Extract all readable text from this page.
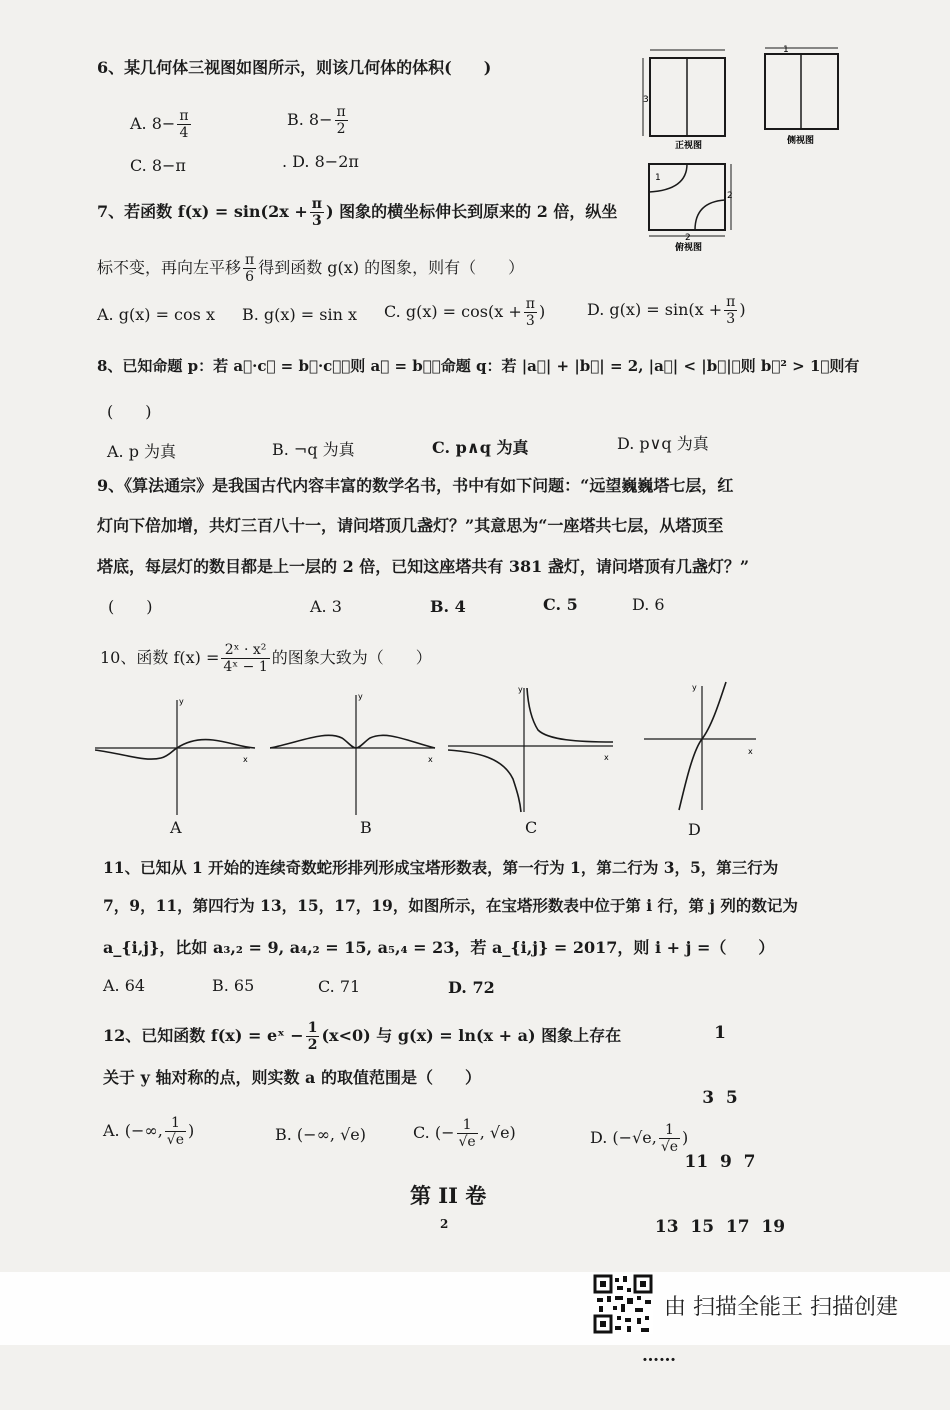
6、某几何体三视图如图所示，则该几何体的体积(　　)
A. $8- \frac{\pi}{4}$	B. $8- \frac{\pi}{2}$
C. 8−π	. D. 8−2π
3
正视图
1
侧视图
1
2
2
俯视图
7、若函数 $f(x) = \sin(2x + \frac{\pi}{3}$ ) 图象的横坐标伸长到原来的 2 倍，纵坐
标不变，再向左平移 $\frac{\pi}{6}$ 得到函数 g(x) 的图象，则有（　　）
A. g(x) = cos x B. g(x) = sin x C. $g(x) = \cos(x + \frac{\pi}{3}$ )	D. $g(x) = \sin(x + \frac{\pi}{3}$ )
8、已知命题 p：若 a⃗·c⃗ = b⃗·c⃗，则 a⃗ = b⃗，命题 q：若 |a⃗| + |b⃗| = 2, |a⃗| < |b⃗|，则 b⃗² > 1，则有
(　　)
A. p 为真	B. ¬q 为真	C. p∧q 为真	D. p∨q 为真
9、《算法通宗》是我国古代内容丰富的数学名书，书中有如下问题：“远望巍巍塔七层，红
灯向下倍加增，共灯三百八十一，请问塔顶几盏灯？”其意思为“一座塔共七层，从塔顶至
塔底，每层灯的数目都是上一层的 2 倍，已知这座塔共有 381 盏灯，请问塔顶有几盏灯？”
(　　)	A. 3	B. 4	C. 5	D. 6
10、函数 $f(x) = \frac{\text{2ˣ · x²}}{\text{4ˣ − 1}}$ 的图象大致为（　　）
x
y
x
y
x
y
x
y
A	B	C	D
11、已知从 1 开始的连续奇数蛇形排列形成宝塔形数表，第一行为 1，第二行为 3，5，第三行为
7，9，11，第四行为 13，15，17，19，如图所示，在宝塔形数表中位于第 i 行，第 j 列的数记为
a_{i,j}，比如 a₃,₂ = 9, a₄,₂ = 15, a₅,₄ = 23，若 a_{i,j} = 2017，则 i + j =（　　）
A. 64	B. 65	C. 71	D. 72

1

3  5

11  9  7

13  15  17  19

……

12、已知函数 f(x) = eˣ − $\frac{1}{2} (x<0)$ 与 g(x) = ln(x + a) 图象上存在
关于 y 轴对称的点，则实数 a 的取值范围是（　　）
A. (−∞, $\frac{1}{√e}$ )	B. (−∞, √e)	C. (− $\frac{1}{√e}$ , √e)	D. (−√e, $\frac{1}{√e}$ )
第 II 卷
2
由 扫描全能王 扫描创建
